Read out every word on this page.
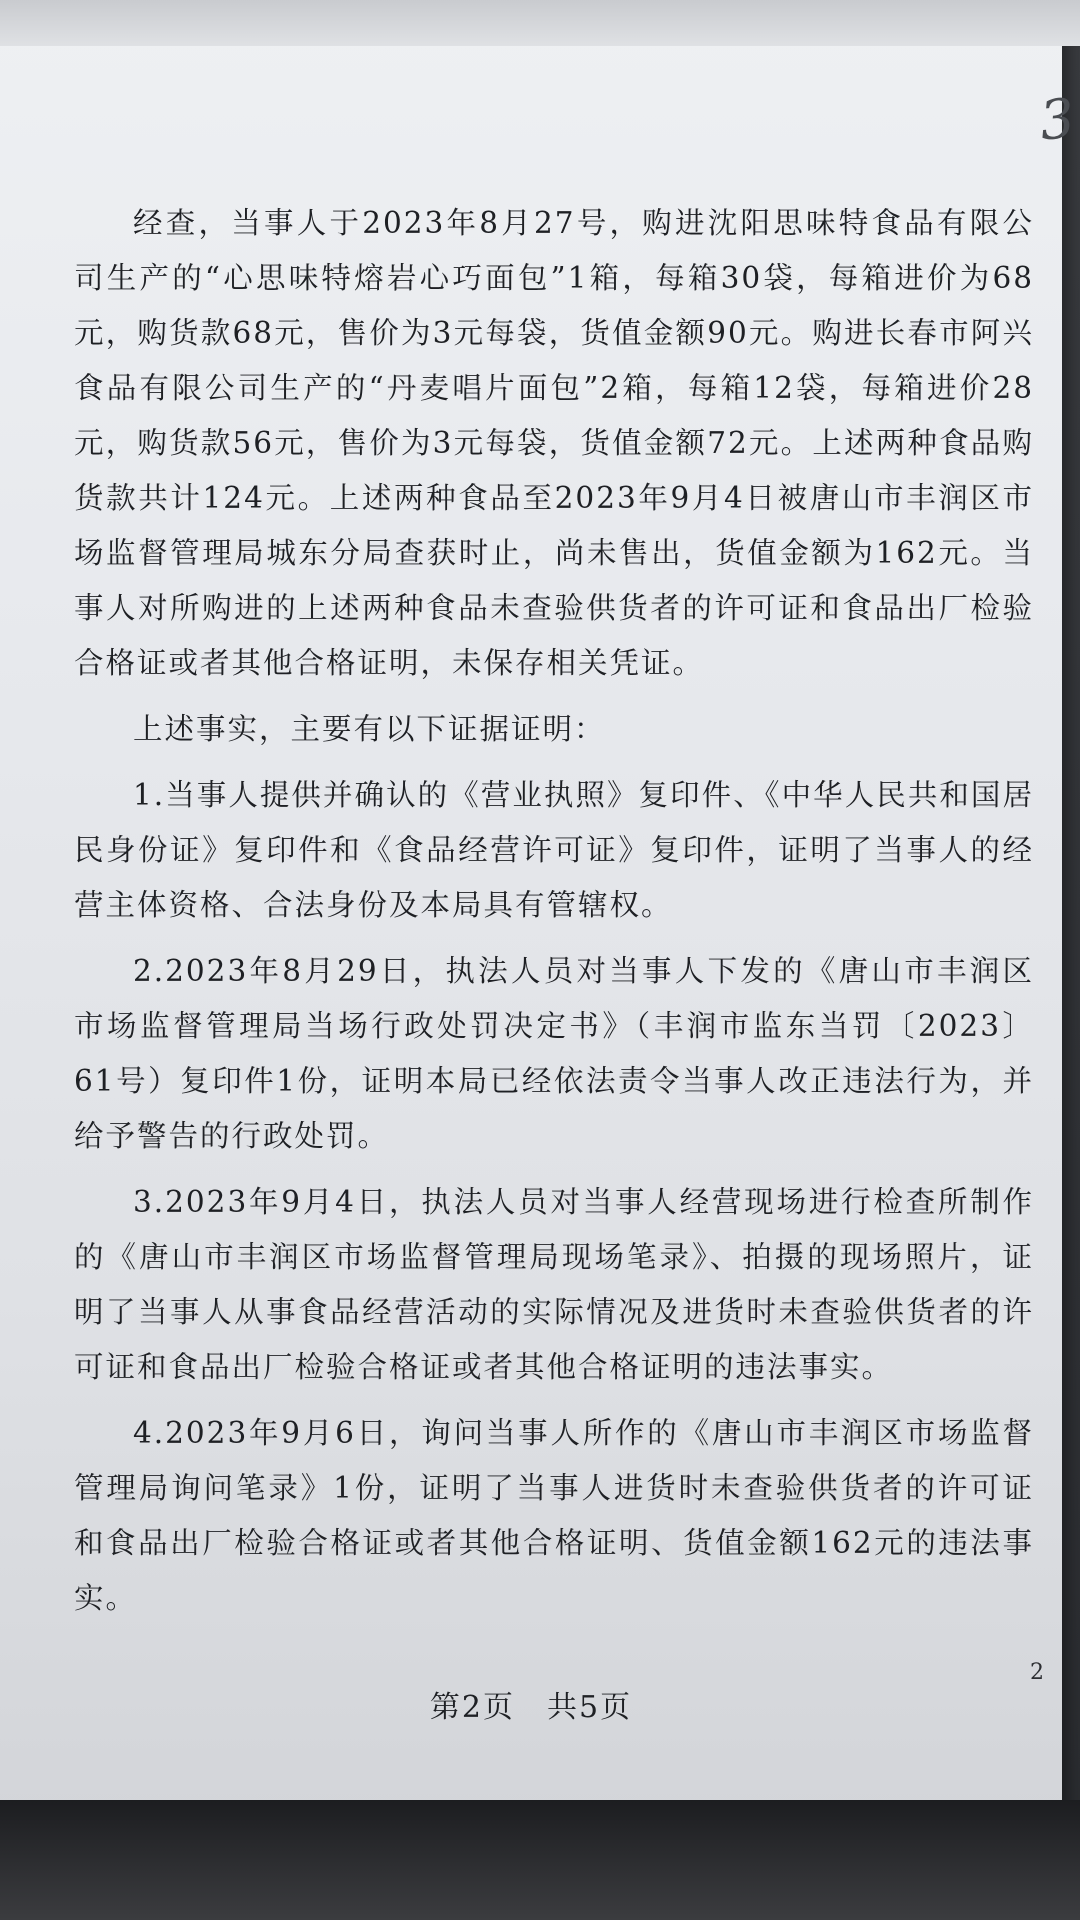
3

经查，当事人于2023年8月27号，购进沈阳思味特食品有限公司生产的“心思味特熔岩心巧面包”1箱，每箱30袋，每箱进价为68元，购货款68元，售价为3元每袋，货值金额90元。购进长春市阿兴食品有限公司生产的“丹麦唱片面包”2箱，每箱12袋，每箱进价28元，购货款56元，售价为3元每袋，货值金额72元。上述两种食品购货款共计124元。上述两种食品至2023年9月4日被唐山市丰润区市场监督管理局城东分局查获时止，尚未售出，货值金额为162元。当事人对所购进的上述两种食品未查验供货者的许可证和食品出厂检验合格证或者其他合格证明，未保存相关凭证。

上述事实，主要有以下证据证明：

1.当事人提供并确认的《营业执照》复印件、《中华人民共和国居民身份证》复印件和《食品经营许可证》复印件，证明了当事人的经营主体资格、合法身份及本局具有管辖权。

2.2023年8月29日，执法人员对当事人下发的《唐山市丰润区市场监督管理局当场行政处罚决定书》（丰润市监东当罚〔2023〕61号）复印件1份，证明本局已经依法责令当事人改正违法行为，并给予警告的行政处罚。

3.2023年9月4日，执法人员对当事人经营现场进行检查所制作的《唐山市丰润区市场监督管理局现场笔录》、拍摄的现场照片，证明了当事人从事食品经营活动的实际情况及进货时未查验供货者的许可证和食品出厂检验合格证或者其他合格证明的违法事实。

4.2023年9月6日，询问当事人所作的《唐山市丰润区市场监督管理局询问笔录》1份，证明了当事人进货时未查验供货者的许可证和食品出厂检验合格证或者其他合格证明、货值金额162元的违法事实。

2
第2页　共5页
